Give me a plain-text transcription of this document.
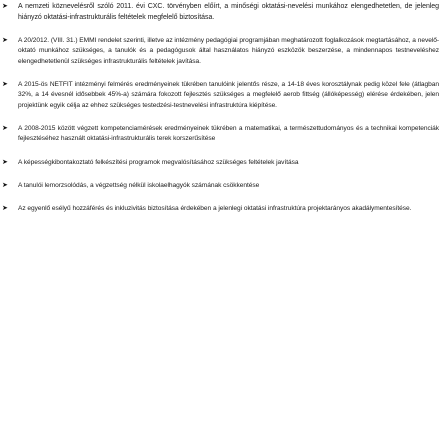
➤	A nemzeti köznevelésről szóló 2011. évi CXC. törvényben előírt, a minőségi oktatási-nevelési munkához elengedhetetlen, de jelenleg hiányzó oktatási-infrastrukturális feltételek megfelelő biztosítása.
➤	A 20/2012. (VIII. 31.) EMMI rendelet szerinti, illetve az intézmény pedagógiai programjában meghatározott foglalkozások megtartásához, a nevelő-oktató munkához szükséges, a tanulók és a pedagógusok által használatos hiányzó eszközök beszerzése, a mindennapos testneveléshez elengedhetetlenül szükséges infrastrukturális feltételek javítása.
➤	A 2015-ös NETFIT intézményi felmérés eredményeinek tükrében tanulóink jelentős része, a 14-18 éves korosztálynak pedig közel fele (átlagban 32%, a 14 évesnél idősebbek 45%-a) számára fokozott fejlesztés szükséges a megfelelő aerob fittség (állóképesség) elérése érdekében, jelen projektünk egyik célja az ehhez szükséges testedzési-testnevelési infrastruktúra kiépítése.
➤	A 2008-2015 között végzett kompetenciamérések eredményeinek tükrében a matematikai, a természettudományos és a technikai kompetenciák fejlesztéséhez használt oktatási-infrastrukturális terek korszerűsítése
➤	A képességkibontakoztató felkészítési programok megvalósításához szükséges feltételek javítása
➤	A tanulói lemorzsolódás, a végzettség nélkül iskolaelhagyók számának csökkentése
➤	Az egyenlő esélyű hozzáférés és inkluzivitás biztosítása érdekében a jelenlegi oktatási infrastruktúra projektarányos akadálymentesítése.
